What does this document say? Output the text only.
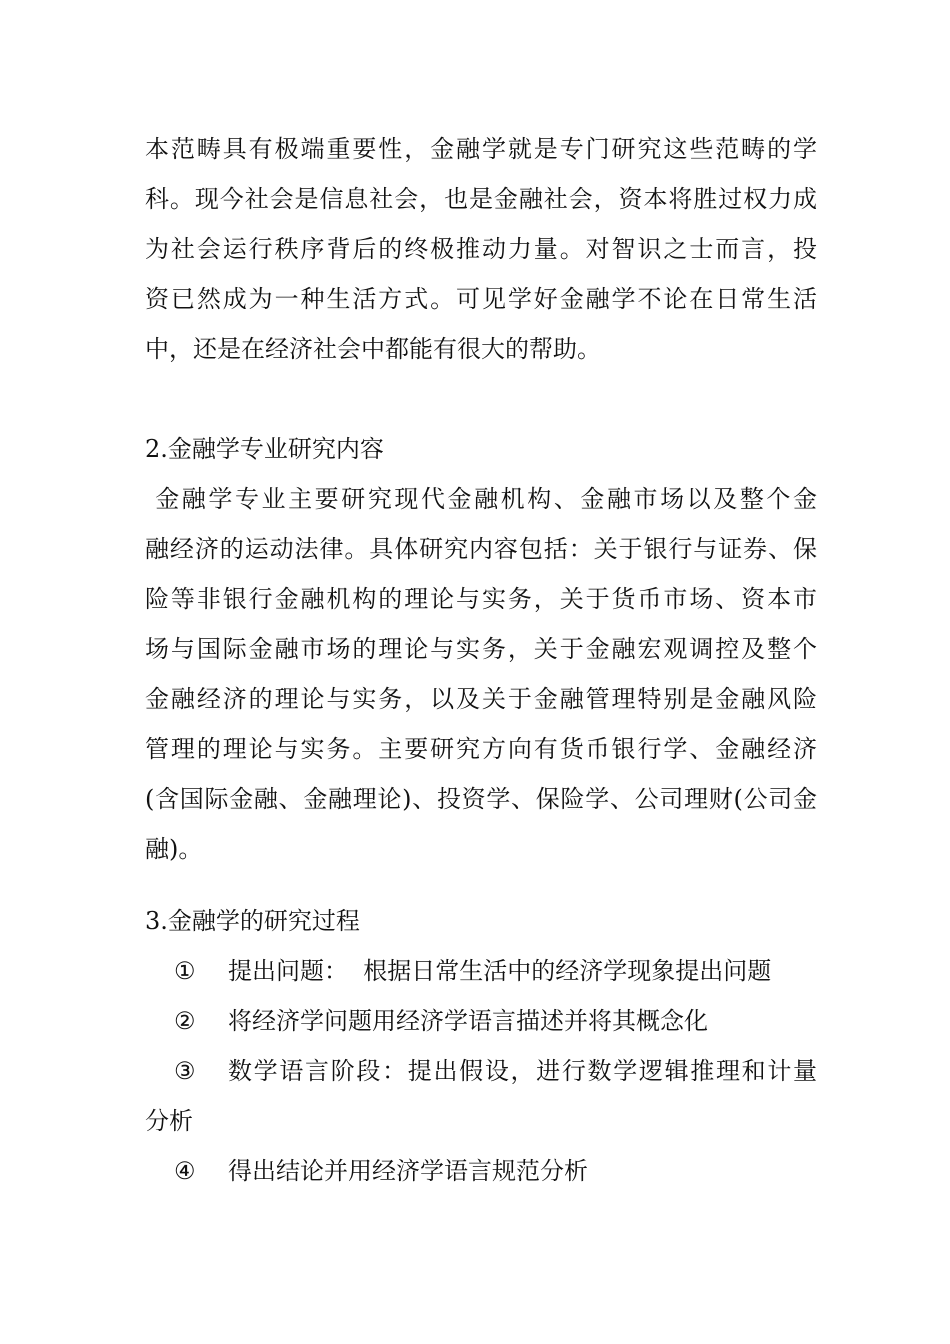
本范畴具有极端重要性，金融学就是专门研究这些范畴的学
科。现今社会是信息社会，也是金融社会，资本将胜过权力成
为社会运行秩序背后的终极推动力量。对智识之士而言，投
资已然成为一种生活方式。可见学好金融学不论在日常生活
中，还是在经济社会中都能有很大的帮助。
2.金融学专业研究内容
金融学专业主要研究现代金融机构、金融市场以及整个金
融经济的运动法律。具体研究内容包括：关于银行与证券、保
险等非银行金融机构的理论与实务，关于货币市场、资本市
场与国际金融市场的理论与实务，关于金融宏观调控及整个
金融经济的理论与实务，以及关于金融管理特别是金融风险
管理的理论与实务。主要研究方向有货币银行学、金融经济
(含国际金融、金融理论)、投资学、保险学、公司理财(公司金
融)。
3.金融学的研究过程
① 提出问题：  根据日常生活中的经济学现象提出问题
② 将经济学问题用经济学语言描述并将其概念化
③ 数学语言阶段：提出假设，进行数学逻辑推理和计量
分析
④ 得出结论并用经济学语言规范分析
